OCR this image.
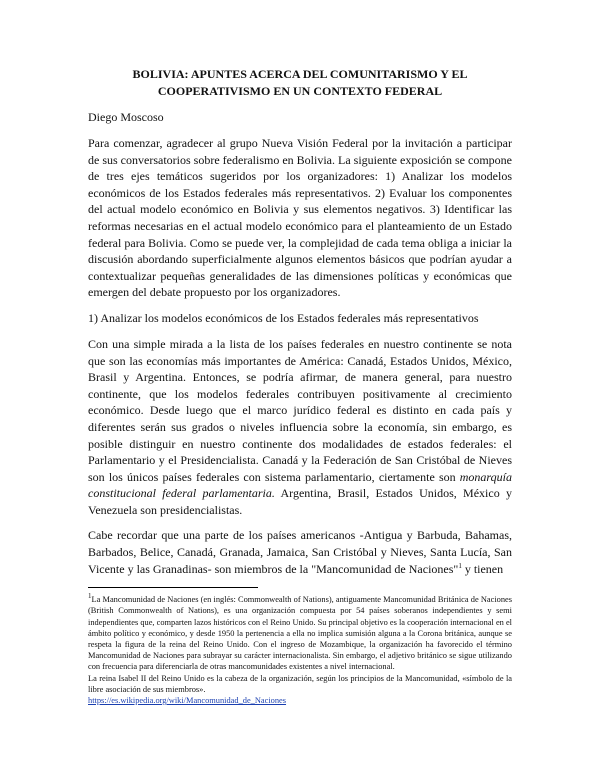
BOLIVIA: APUNTES ACERCA DEL COMUNITARISMO Y EL
COOPERATIVISMO EN UN CONTEXTO FEDERAL

Diego Moscoso

Para comenzar, agradecer al grupo Nueva Visión Federal por la invitación a participar de sus conversatorios sobre federalismo en Bolivia. La siguiente exposición se compone de tres ejes temáticos sugeridos por los organizadores: 1) Analizar los modelos económicos de los Estados federales más representativos. 2) Evaluar los componentes del actual modelo económico en Bolivia y sus elementos negativos. 3) Identificar las reformas necesarias en el actual modelo económico para el planteamiento de un Estado federal para Bolivia. Como se puede ver, la complejidad de cada tema obliga a iniciar la discusión abordando superficialmente algunos elementos básicos que podrían ayudar a contextualizar pequeñas generalidades de las dimensiones políticas y económicas que emergen del debate propuesto por los organizadores.

1) Analizar los modelos económicos de los Estados federales más representativos

Con una simple mirada a la lista de los países federales en nuestro continente se nota que son las economías más importantes de América: Canadá, Estados Unidos, México, Brasil y Argentina. Entonces, se podría afirmar, de manera general, para nuestro continente, que los modelos federales contribuyen positivamente al crecimiento económico. Desde luego que el marco jurídico federal es distinto en cada país y diferentes serán sus grados o niveles influencia sobre la economía, sin embargo, es posible distinguir en nuestro continente dos modalidades de estados federales: el Parlamentario y el Presidencialista. Canadá y la Federación de San Cristóbal de Nieves son los únicos países federales con sistema parlamentario, ciertamente son monarquía constitucional federal parlamentaria. Argentina, Brasil, Estados Unidos, México y Venezuela son presidencialistas.

Cabe recordar que una parte de los países americanos -Antigua y Barbuda, Bahamas, Barbados, Belice, Canadá, Granada, Jamaica, San Cristóbal y Nieves, Santa Lucía, San Vicente y las Granadinas- son miembros de la "Mancomunidad de Naciones"$^1$ y tienen

$^1$La Mancomunidad de Naciones (en inglés: Commonwealth of Nations), antiguamente Mancomunidad Británica de Naciones (British Commonwealth of Nations), es una organización compuesta por 54 países soberanos independientes y semi independientes que, comparten lazos históricos con el Reino Unido. Su principal objetivo es la cooperación internacional en el ámbito político y económico, y desde 1950 la pertenencia a ella no implica sumisión alguna a la Corona británica, aunque se respeta la figura de la reina del Reino Unido. Con el ingreso de Mozambique, la organización ha favorecido el término Mancomunidad de Naciones para subrayar su carácter internacionalista. Sin embargo, el adjetivo británico se sigue utilizando con frecuencia para diferenciarla de otras mancomunidades existentes a nivel internacional.

La reina Isabel II del Reino Unido es la cabeza de la organización, según los principios de la Mancomunidad, «símbolo de la libre asociación de sus miembros».

https://es.wikipedia.org/wiki/Mancomunidad_de_Naciones
